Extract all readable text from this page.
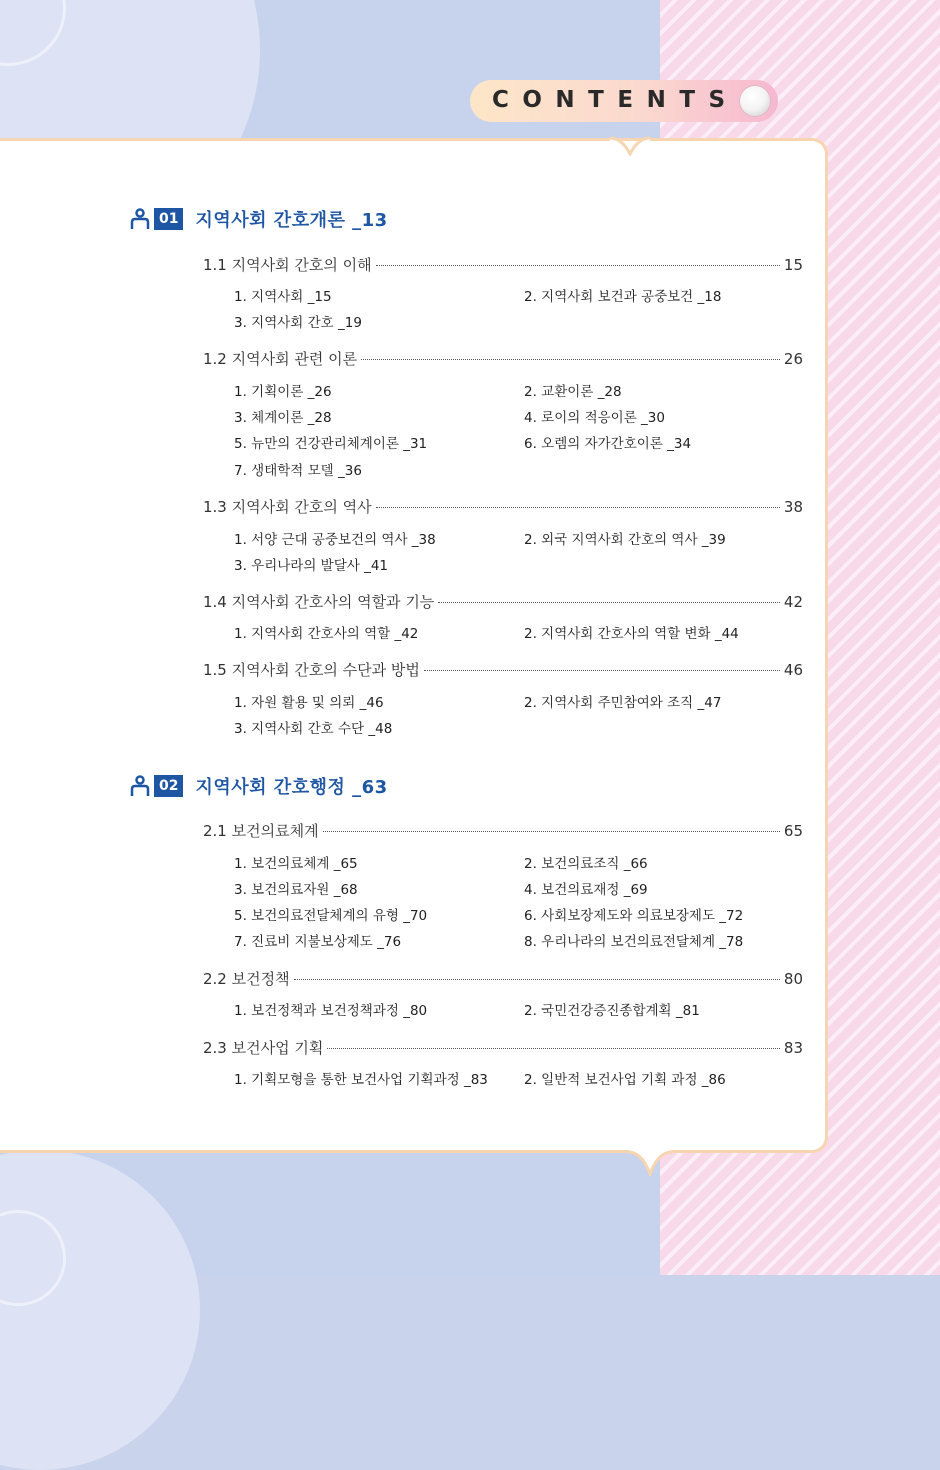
CONTENTS
01 지역사회 간호개론 _13
1.1 지역사회 간호의 이해	15
1. 지역사회 _15	2. 지역사회 보건과 공중보건 _18
3. 지역사회 간호 _19
1.2 지역사회 관련 이론	26
1. 기획이론 _26	2. 교환이론 _28
3. 체계이론 _28	4. 로이의 적응이론 _30
5. 뉴만의 건강관리체계이론 _31	6. 오렘의 자가간호이론 _34
7. 생태학적 모델 _36
1.3 지역사회 간호의 역사	38
1. 서양 근대 공중보건의 역사 _38	2. 외국 지역사회 간호의 역사 _39
3. 우리나라의 발달사 _41
1.4 지역사회 간호사의 역할과 기능	42
1. 지역사회 간호사의 역할 _42	2. 지역사회 간호사의 역할 변화 _44
1.5 지역사회 간호의 수단과 방법	46
1. 자원 활용 및 의뢰 _46	2. 지역사회 주민참여와 조직 _47
3. 지역사회 간호 수단 _48
02 지역사회 간호행정 _63
2.1 보건의료체계	65
1. 보건의료체계 _65	2. 보건의료조직 _66
3. 보건의료자원 _68	4. 보건의료재정 _69
5. 보건의료전달체계의 유형 _70	6. 사회보장제도와 의료보장제도 _72
7. 진료비 지불보상제도 _76	8. 우리나라의 보건의료전달체계 _78
2.2 보건정책	80
1. 보건정책과 보건정책과정 _80	2. 국민건강증진종합계획 _81
2.3 보건사업 기획	83
1. 기획모형을 통한 보건사업 기획과정 _83	2. 일반적 보건사업 기획 과정 _86
